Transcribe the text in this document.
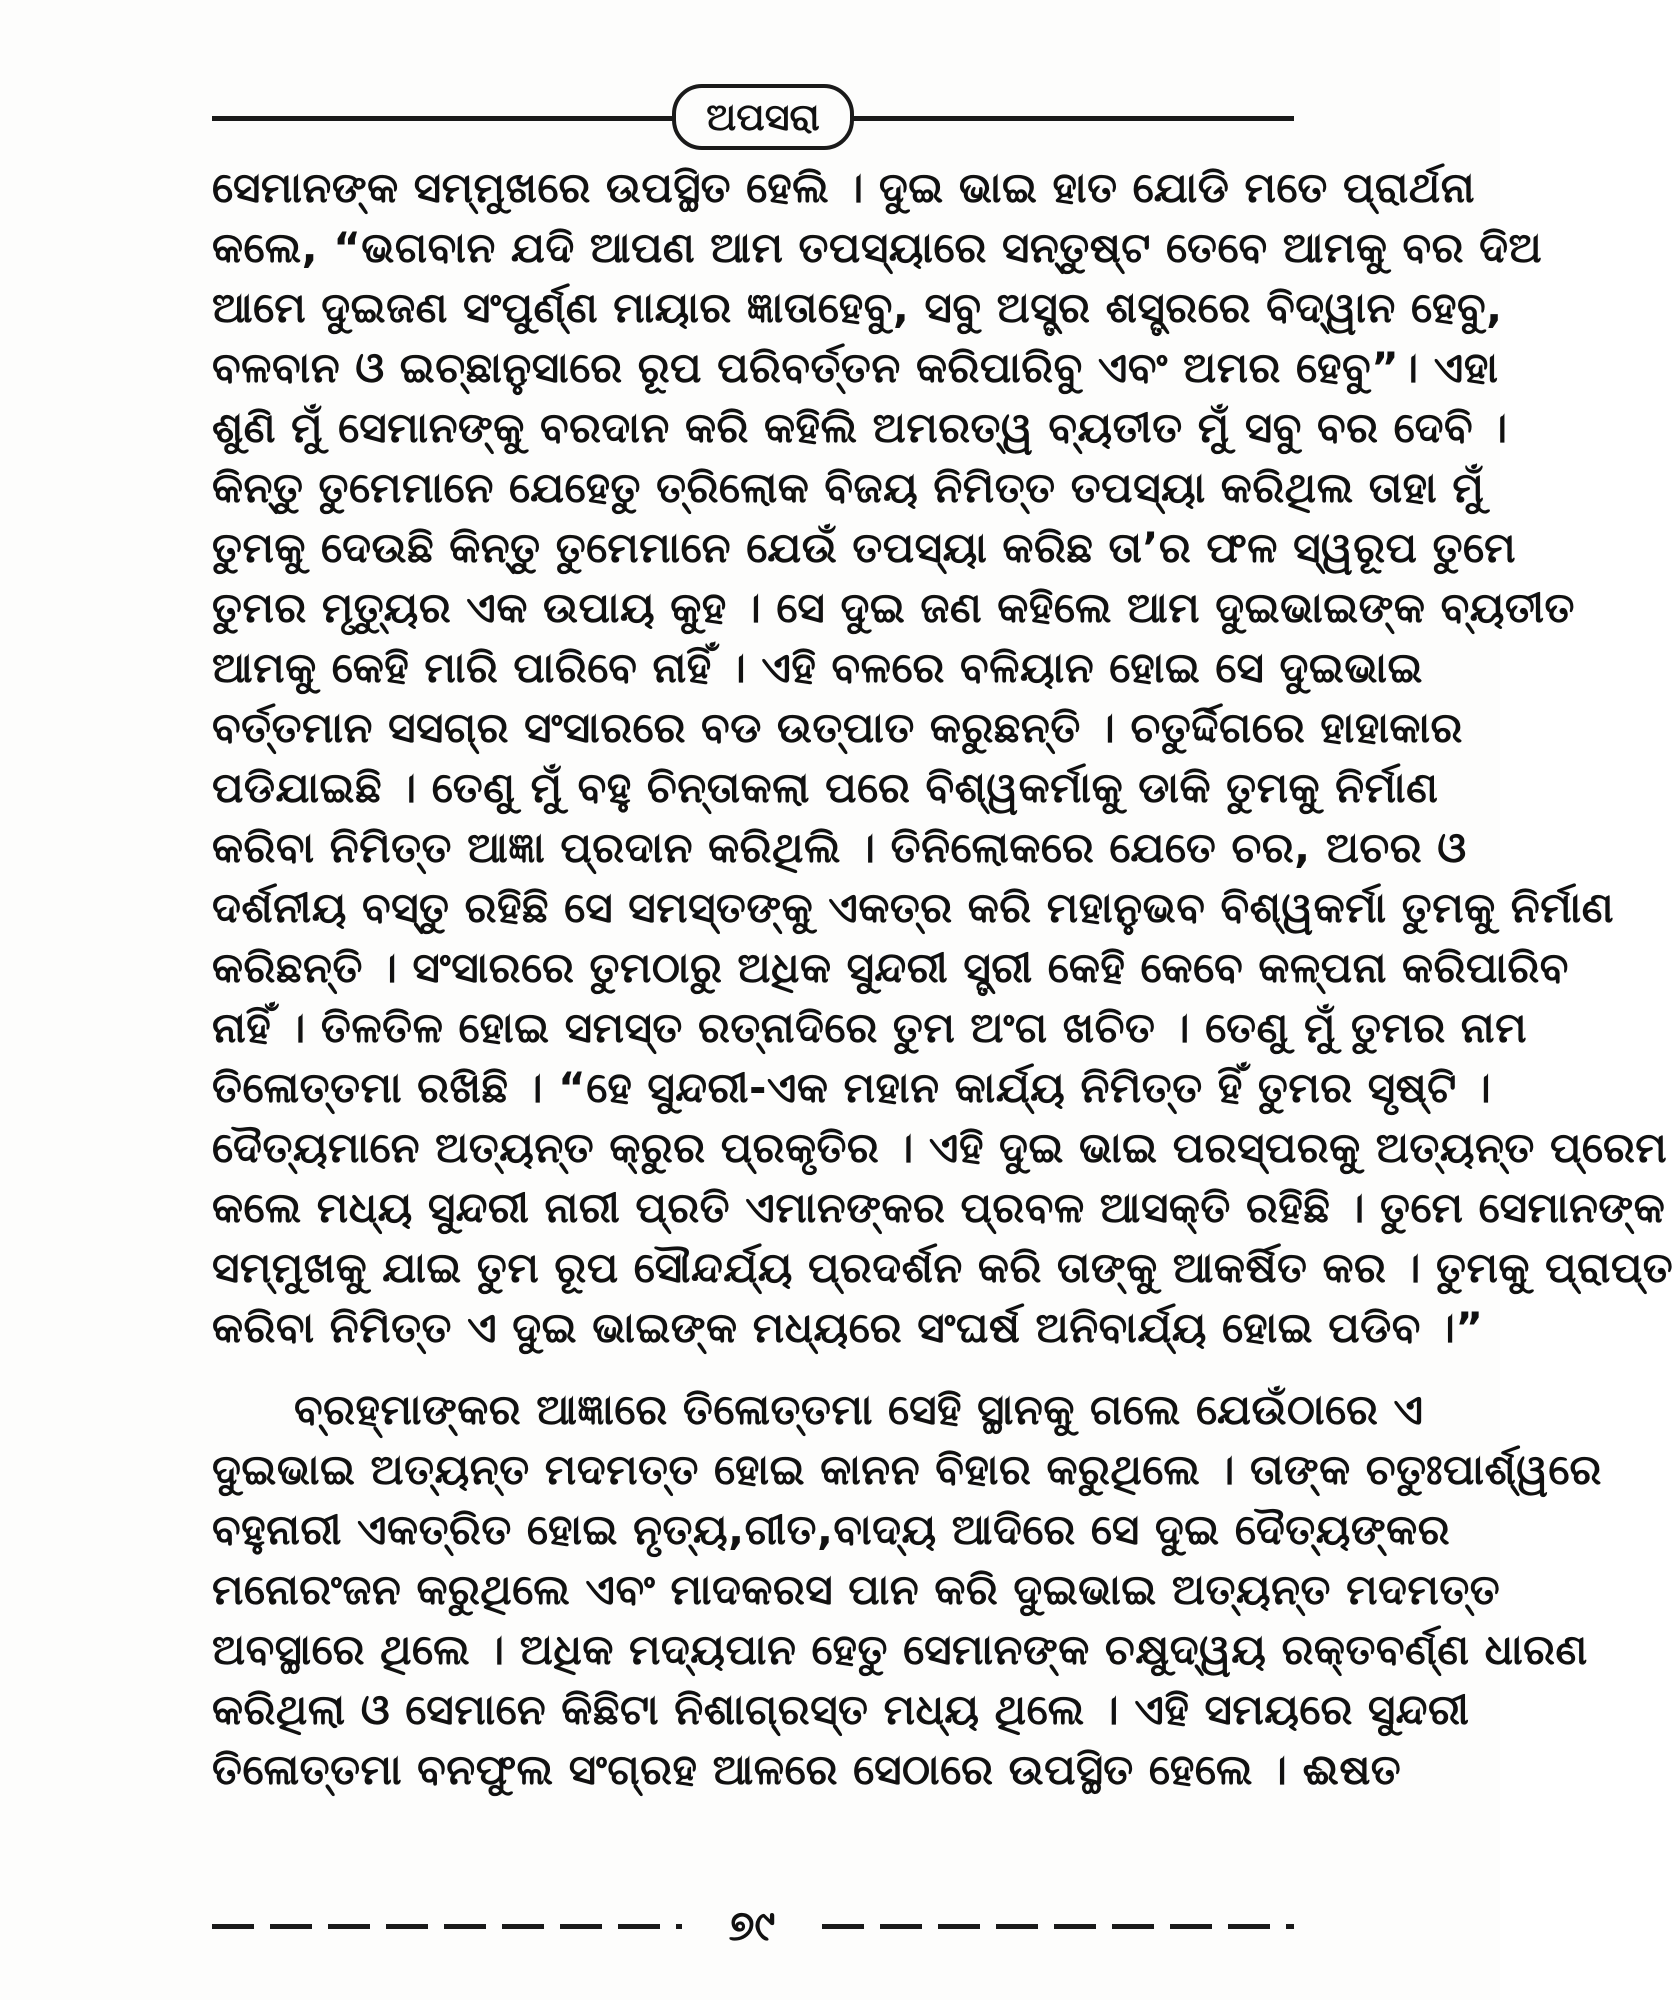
ଅପସରା
ସେମାନଙ୍କ ସମ୍ମୁଖରେ ଉପସ୍ଥିତ ହେଲି । ଦୁଇ ଭାଇ ହାତ ଯୋଡି ମତେ ପ୍ରାର୍ଥନା
କଲେ, “ଭଗବାନ ଯଦି ଆପଣ ଆମ ତପସ୍ୟାରେ ସନ୍ତୁଷ୍ଟ ତେବେ ଆମକୁ ବର ଦିଅ
ଆମେ ଦୁଇଜଣ ସଂପୁର୍ଣ୍ଣ ମାୟାର ଜ୍ଞାତାହେବୁ, ସବୁ ଅସ୍ତ୍ର ଶସ୍ତ୍ରରେ ବିଦ୍ୱାନ ହେବୁ,
ବଳବାନ ଓ ଇଚ୍ଛାନୁସାରେ ରୂପ ପରିବର୍ତ୍ତନ କରିପାରିବୁ ଏବଂ ଅମର ହେବୁ”। ଏହା
ଶୁଣି ମୁଁ ସେମାନଙ୍କୁ ବରଦାନ କରି କହିଲି ଅମରତ୍ୱ ବ୍ୟତୀତ ମୁଁ ସବୁ ବର ଦେବି ।
କିନ୍ତୁ ତୁମେମାନେ ଯେହେତୁ ତ୍ରିଲୋକ ବିଜୟ ନିମିତ୍ତ ତପସ୍ୟା କରିଥିଲ ତାହା ମୁଁ
ତୁମକୁ ଦେଉଛି କିନ୍ତୁ ତୁମେମାନେ ଯେଉଁ ତପସ୍ୟା କରିଛ ତା’ର ଫଳ ସ୍ୱରୂପ ତୁମେ
ତୁମର ମୃତ୍ୟୁର ଏକ ଉପାୟ କୁହ । ସେ ଦୁଇ ଜଣ କହିଲେ ଆମ ଦୁଇଭାଇଙ୍କ ବ୍ୟତୀତ
ଆମକୁ କେହି ମାରି ପାରିବେ ନାହିଁ । ଏହି ବଳରେ ବଳିୟାନ ହୋଇ ସେ ଦୁଇଭାଇ
ବର୍ତ୍ତମାନ ସସଗ୍ର ସଂସାରରେ ବଡ ଉତ୍ପାତ କରୁଛନ୍ତି । ଚତୁର୍ଦ୍ଦିଗରେ ହାହାକାର
ପଡିଯାଇଛି । ତେଣୁ ମୁଁ ବହୁ ଚିନ୍ତାକଲା ପରେ ବିଶ୍ୱକର୍ମାକୁ ଡାକି ତୁମକୁ ନିର୍ମାଣ
କରିବା ନିମିତ୍ତ ଆଜ୍ଞା ପ୍ରଦାନ କରିଥିଲି । ତିନିଲୋକରେ ଯେତେ ଚର, ଅଚର ଓ
ଦର୍ଶନୀୟ ବସ୍ତୁ ରହିଛି ସେ ସମସ୍ତଙ୍କୁ ଏକତ୍ର କରି ମହାନୁଭବ ବିଶ୍ୱକର୍ମା ତୁମକୁ ନିର୍ମାଣ
କରିଛନ୍ତି । ସଂସାରରେ ତୁମଠାରୁ ଅଧିକ ସୁନ୍ଦରୀ ସ୍ତ୍ରୀ କେହି କେବେ କଳ୍ପନା କରିପାରିବ
ନାହିଁ । ତିଳତିଳ ହୋଇ ସମସ୍ତ ରତ୍ନାଦିରେ ତୁମ ଅଂଗ ଖଚିତ । ତେଣୁ ମୁଁ ତୁମର ନାମ
ତିଳୋତ୍ତମା ରଖିଛି । “ହେ ସୁନ୍ଦରୀ-ଏକ ମହାନ କାର୍ଯ୍ୟ ନିମିତ୍ତ ହିଁ ତୁମର ସୃଷ୍ଟି ।
ଦୈତ୍ୟମାନେ ଅତ୍ୟନ୍ତ କ୍ରୁର ପ୍ରକୃତିର । ଏହି ଦୁଇ ଭାଇ ପରସ୍ପରକୁ ଅତ୍ୟନ୍ତ ପ୍ରେମ
କଲେ ମଧ୍ୟ ସୁନ୍ଦରୀ ନାରୀ ପ୍ରତି ଏମାନଙ୍କର ପ୍ରବଳ ଆସକ୍ତି ରହିଛି । ତୁମେ ସେମାନଙ୍କ
ସମ୍ମୁଖକୁ ଯାଇ ତୁମ ରୂପ ସୌନ୍ଦର୍ଯ୍ୟ ପ୍ରଦର୍ଶନ କରି ତାଙ୍କୁ ଆକର୍ଷିତ କର । ତୁମକୁ ପ୍ରାପ୍ତ
କରିବା ନିମିତ୍ତ ଏ ଦୁଇ ଭାଇଙ୍କ ମଧ୍ୟରେ ସଂଘର୍ଷ ଅନିବାର୍ଯ୍ୟ ହୋଇ ପଡିବ ।”
ବ୍ରହ୍ମାଙ୍କର ଆଜ୍ଞାରେ ତିଳୋତ୍ତମା ସେହି ସ୍ଥାନକୁ ଗଲେ ଯେଉଁଠାରେ ଏ
ଦୁଇଭାଇ ଅତ୍ୟନ୍ତ ମଦମତ୍ତ ହୋଇ କାନନ ବିହାର କରୁଥିଲେ । ତାଙ୍କ ଚତୁଃପାର୍ଶ୍ୱରେ
ବହୁନାରୀ ଏକତ୍ରିତ ହୋଇ ନୃତ୍ୟ,ଗୀତ,ବାଦ୍ୟ ଆଦିରେ ସେ ଦୁଇ ଦୈତ୍ୟଙ୍କର
ମନୋରଂଜନ କରୁଥିଲେ ଏବଂ ମାଦକରସ ପାନ କରି ଦୁଇଭାଇ ଅତ୍ୟନ୍ତ ମଦମତ୍ତ
ଅବସ୍ଥାରେ ଥିଲେ । ଅଧିକ ମଦ୍ୟପାନ ହେତୁ ସେମାନଙ୍କ ଚକ୍ଷୁଦ୍ୱୟ ରକ୍ତବର୍ଣ୍ଣ ଧାରଣ
କରିଥିଲା ଓ ସେମାନେ କିଛିଟା ନିଶାଗ୍ରସ୍ତ ମଧ୍ୟ ଥିଲେ । ଏହି ସମୟରେ ସୁନ୍ଦରୀ
ତିଳୋତ୍ତମା ବନଫୁଲ ସଂଗ୍ରହ ଆଳରେ ସେଠାରେ ଉପସ୍ଥିତ ହେଲେ । ଈଷତ
୭୯
